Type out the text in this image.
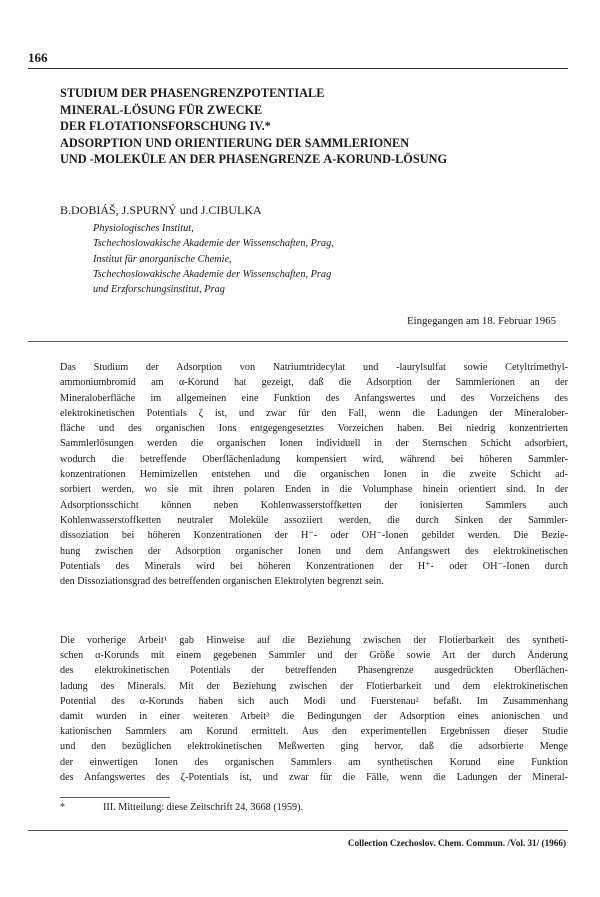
166
STUDIUM DER PHASENGRENZPOTENTIALE
MINERAL-LÖSUNG FÜR ZWECKE
DER FLOTATIONSFORSCHUNG IV.*
ADSORPTION UND ORIENTIERUNG DER SAMMLERIONEN
UND -MOLEKÜLE AN DER PHASENGRENZE Α-KORUND-LÖSUNG
B.DOBIÁŠ, J.SPURNÝ und J.CIBULKA
Physiologisches Institut,
Tschechoslowakische Akademie der Wissenschaften, Prag,
Institut für anorganische Chemie,
Tschechoslowakische Akademie der Wissenschaften, Prag
und Erzforschungsinstitut, Prag
Eingegangen am 18. Februar 1965
Das Studium der Adsorption von Natriumtridecylat und -laurylsulfat sowie Cetyltrimethyl-
ammoniumbromid am α-Korund hat gezeigt, daß die Adsorption der Sammlerionen an der
Mineraloberfläche im allgemeinen eine Funktion des Anfangswertes und des Vorzeichens des
elektrokinetischen Potentials ζ ist, und zwar für den Fall, wenn die Ladungen der Mineralober-
fläche und des organischen Ions entgegengesetztes Vorzeichen haben. Bei niedrig konzentrierten
Sammlerlösungen werden die organischen Ionen individuell in der Sternschen Schicht adsorbiert,
wodurch die betreffende Oberflächenladung kompensiert wird, während bei höheren Sammler-
konzentrationen Hemimizellen entstehen und die organischen Ionen in die zweite Schicht ad-
sorbiert werden, wo sie mit ihren polaren Enden in die Volumphase hinein orientiert sind. In der
Adsorptionsschicht können neben Kohlenwasserstoffketten der ionisierten Sammlers auch
Kohlenwasserstoffketten neutraler Moleküle assoziiert werden, die durch Sinken der Sammler-
dissoziation bei höheren Konzentrationen der H⁻- oder OH⁻-Ionen gebildet werden. Die Bezie-
hung zwischen der Adsorption organischer Ionen und dem Anfangswert des elektrokinetischen
Potentials des Minerals wird bei höheren Konzentrationen der H⁺- oder OH⁻-Ionen durch
den Dissoziationsgrad des betreffenden organischen Elektrolyten begrenzt sein.
Die vorherige Arbeit¹ gab Hinweise auf die Beziehung zwischen der Flotierbarkeit des syntheti-
schen α-Korunds mit einem gegebenen Sammler und der Größe sowie Art der durch Änderung
des elektrokinetischen Potentials der betreffenden Phasengrenze ausgedrückten Oberflächen-
ladung des Minerals. Mit der Beziehung zwischen der Flotierbarkeit und dem elektrokinetischen
Potential des α-Korunds haben sich auch Modi und Fuerstenau² befaßt. Im Zusammenhang
damit wurden in einer weiteren Arbeit³ die Bedingungen der Adsorption eines anionischen und
kationischen Sammlers am Korund ermittelt. Aus den experimentellen Ergebnissen dieser Studie
und den bezüglichen elektrokinetischen Meßwerten ging hervor, daß die adsorbierte Menge
der einwertigen Ionen des organischen Sammlers am synthetischen Korund eine Funktion
des Anfangswertes des ζ-Potentials ist, und zwar für die Fälle, wenn die Ladungen der Mineral-
*	III. Mitteilung: diese Zeitschrift 24, 3668 (1959).
Collection Czechoslov. Chem. Commun. /Vol. 31/ (1966)
